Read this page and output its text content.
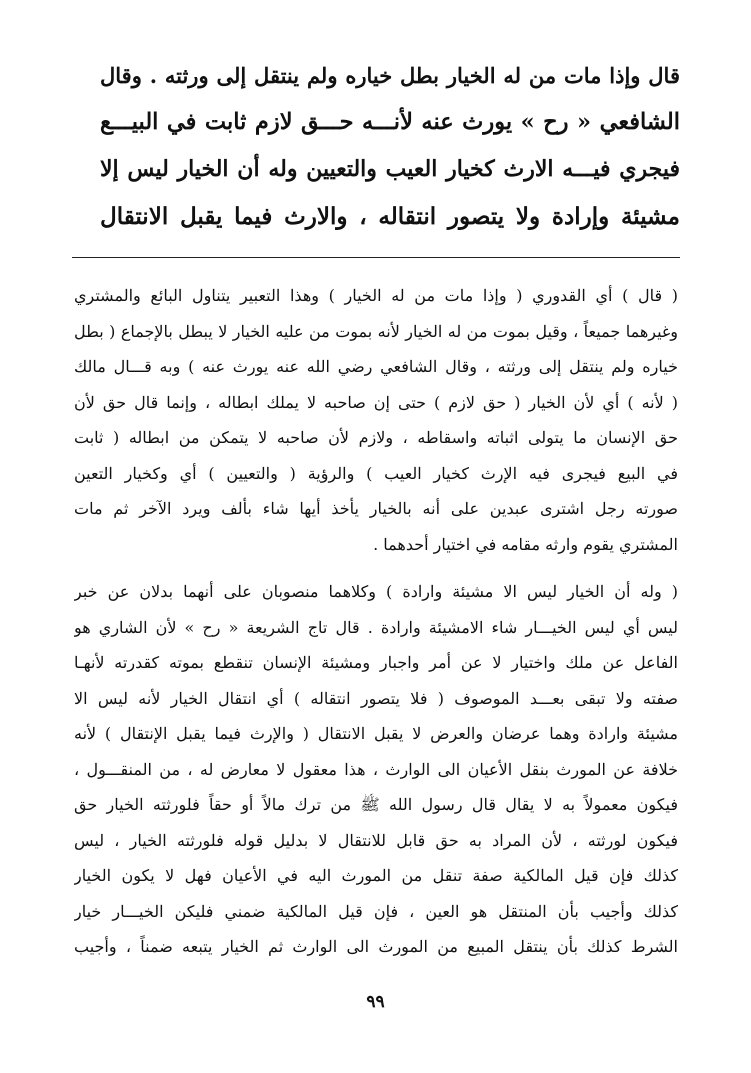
قال وإذا مات من له الخيار بطل خياره ولم ينتقل إلى ورثته . وقال
الشافعي « رح » يورث عنه لأنـــه حـــق لازم ثابت في البيـــع
فيجري فيـــه الارث كخيار العيب والتعيين وله أن الخيار ليس إلا
مشيئة وإرادة ولا يتصور انتقاله ، والارث فيما يقبل الانتقال
( قال ) أي القدوري ( وإذا مات من له الخيار ) وهذا التعبير يتناول البائع والمشتري
وغيرهما جميعاً ، وقيل بموت من له الخيار لأنه بموت من عليه الخيار لا يبطل بالإجماع ( بطل
خياره ولم ينتقل إلى ورثته ، وقال الشافعي رضي الله عنه يورث عنه ) وبه قـــال مالك
( لأنه ) أي لأن الخيار ( حق لازم ) حتى إن صاحبه لا يملك ابطاله ، وإنما قال حق لأن
حق الإنسان ما يتولى اثباته واسقاطه ، ولازم لأن صاحبه لا يتمكن من ابطاله ( ثابت
في البيع فيجرى فيه الإرث كخيار العيب ) والرؤية ( والتعيين ) أي وكخيار التعين
صورته رجل اشترى عبدين على أنه بالخيار يأخذ أيها شاء بألف ويرد الآخر ثم مات
المشتري يقوم وارثه مقامه في اختيار أحدهما .
( وله أن الخيار ليس الا مشيئة وارادة ) وكلاهما منصوبان على أنهما بدلان عن خبر
ليس أي ليس الخيـــار شاء الامشيئة وارادة . قال تاج الشريعة « رح » لأن الشاري هو
الفاعل عن ملك واختيار لا عن أمر واجبار ومشيئة الإنسان تنقطع بموته كقدرته لأنهـا
صفته ولا تبقى بعـــد الموصوف ( فلا يتصور انتقاله ) أي انتقال الخيار لأنه ليس الا
مشيئة وارادة وهما عرضان والعرض لا يقبل الانتقال ( والإرث فيما يقبل الإنتقال ) لأنه
خلافة عن المورث بنقل الأعيان الى الوارث ، هذا معقول لا معارض له ، من المنقـــول ،
فيكون معمولاً به لا يقال قال رسول الله ﷺ من ترك مالاً أو حقاً فلورثته الخيار حق
فيكون لورثته ، لأن المراد به حق قابل للانتقال لا بدليل قوله فلورثته الخيار ، ليس
كذلك فإن قيل المالكية صفة تنقل من المورث اليه في الأعيان فهل لا يكون الخيار
كذلك وأجيب بأن المنتقل هو العين ، فإن قيل المالكية ضمني فليكن الخيـــار خيار
الشرط كذلك بأن ينتقل المبيع من المورث الى الوارث ثم الخيار يتبعه ضمناً ، وأجيب
٩٩
